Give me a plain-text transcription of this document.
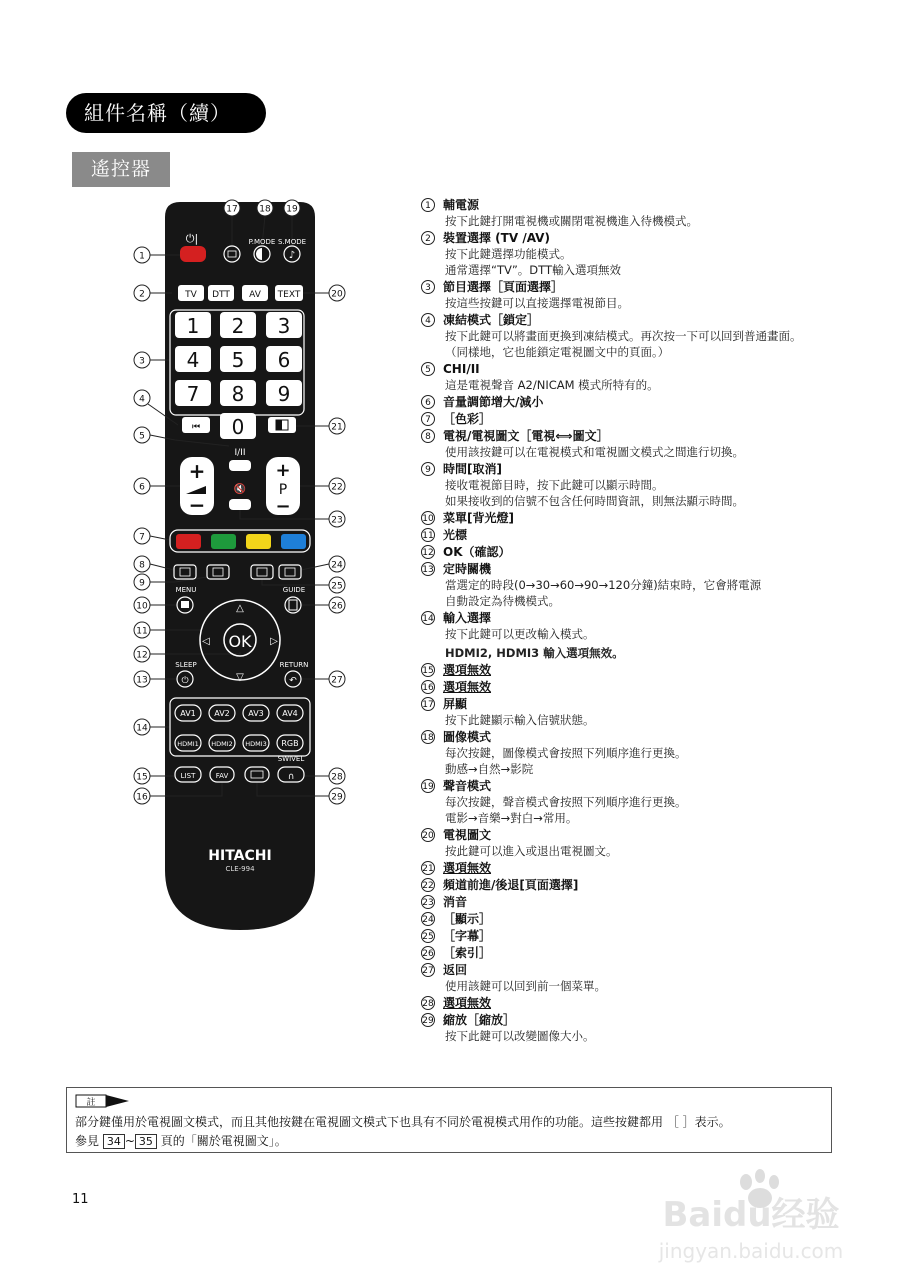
組件名稱（續）
遙控器
1
2
3
4
5
6
7
8
9
10
11
12
13
14
15
16
17 18 19
20
21
22
23
24
25
26
27
28
29
⏻|	P.MODE S.MODE
♪
TV DTT AV TEXT
1 2 3
4 5 6
7 8 9
0
⏮
I/II
+
−
+
P
−
🔇
MENU	GUIDE
△
▽
◁	▷
OK
SLEEP
⏻
RETURN
↶
AV1 AV2 AV3 AV4
HDMI1 HDMI2 HDMI3 RGB
LIST	FAV
SWIVEL
∩
HITACHI
CLE-994
1	輔電源
按下此鍵打開電視機或關閉電視機進入待機模式。
2	裝置選擇 (TV /AV)
按下此鍵選擇功能模式。
通常選擇“TV”。DTT輸入選項無效
3	節目選擇［頁面選擇］
按這些按鍵可以直接選擇電視節目。
4	凍結模式［鎖定］
按下此鍵可以將畫面更換到凍結模式。再次按一下可以回到普通畫面。
（同樣地，它也能鎖定電視圖文中的頁面。）
5	CHI/II
這是電視聲音 A2/NICAM 模式所特有的。
6	音量調節增大/減小
7	［色彩］
8	電視/電視圖文［電視⟺圖文］
使用該按鍵可以在電視模式和電視圖文模式之間進行切換。
9	時間[取消]
接收電視節目時，按下此鍵可以顯示時間。
如果接收到的信號不包含任何時間資訊，則無法顯示時間。
10 菜單[背光燈]
11 光標
12 OK（確認）
13 定時關機
當選定的時段(0→30→60→90→120分鐘)結束時，它會將電源
自動設定為待機模式。
14 輸入選擇
按下此鍵可以更改輸入模式。
HDMI2, HDMI3 輸入選項無效。
15 選項無效
16 選項無效
17 屏顯
按下此鍵顯示輸入信號狀態。
18 圖像模式
每次按鍵，圖像模式會按照下列順序進行更換。
動感→自然→影院
19 聲音模式
每次按鍵，聲音模式會按照下列順序進行更換。
電影→音樂→對白→常用。
20 電視圖文
按此鍵可以進入或退出電視圖文。
21 選項無效
22 頻道前進/後退[頁面選擇]
23 消音
24 ［顯示］
25 ［字幕］
26 ［索引］
27 返回
使用該鍵可以回到前一個菜單。
28 選項無效
29 縮放［縮放］
按下此鍵可以改變圖像大小。
註
部分鍵僅用於電視圖文模式，而且其他按鍵在電視圖文模式下也具有不同於電視模式用作的功能。這些按鍵都用 ［ ］表示。
參見 34 ~ 35 頁的「關於電視圖文」。
11	Baidu经验
jingyan.baidu.com
